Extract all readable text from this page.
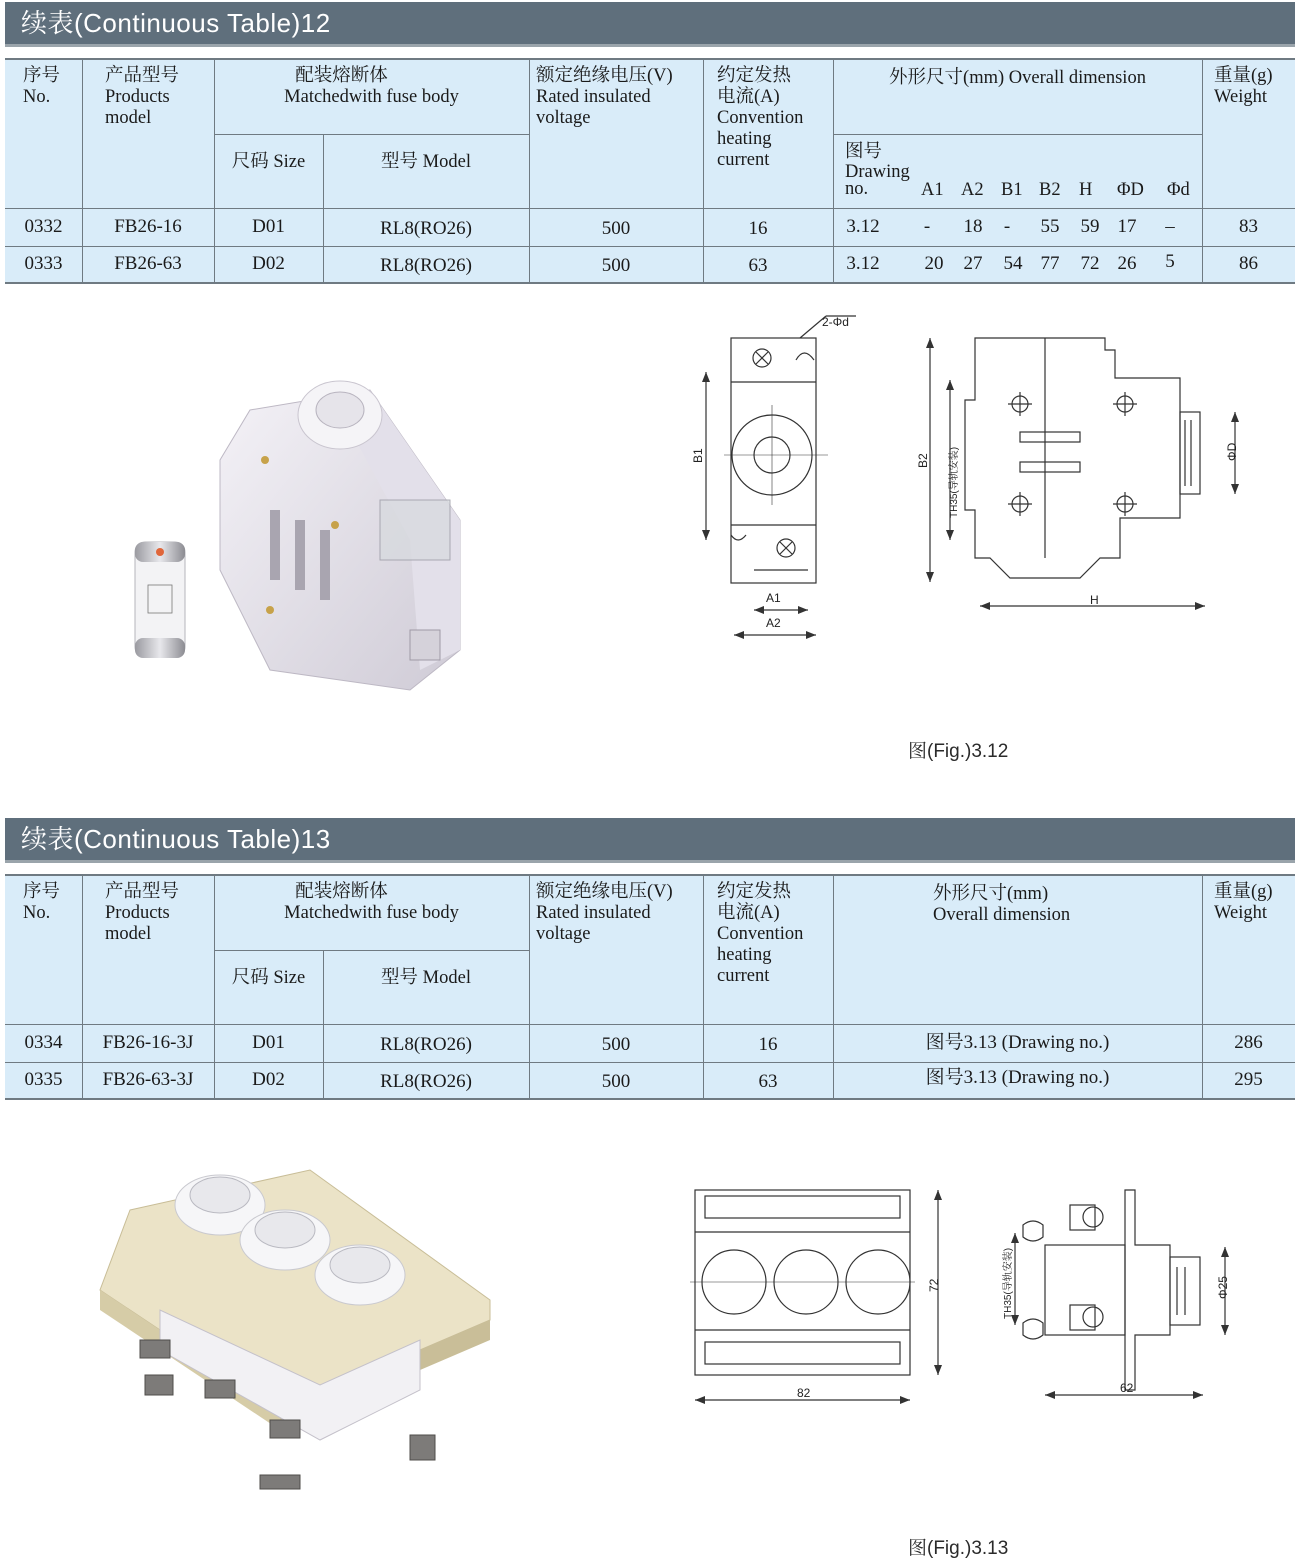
续表(Continuous Table)12
序号
No.
产品型号
Products
model
配装熔断体
Matchedwith fuse body
尺码 Size	型号 Model
额定绝缘电压(V)
Rated insulated
voltage
约定发热
电流(A)
Convention
heating
current
外形尺寸(mm) Overall dimension
图号
Drawing
no.	A1 A2 B1 B2 H ΦD Φd
重量(g)
Weight
0332	FB26-16	D01	RL8(RO26)	500	16	3.12	-	18	-	55	59 17	–	83
0333	FB26-63	D02	RL8(RO26)	500	63	3.12	20	27	54 77	72 26	5	86
B1
A1
A2
2-Φd
B2 TH35(导轨安装)
H
ΦD
图(Fig.)3.12
续表(Continuous Table)13
序号
No.
产品型号
Products
model
配装熔断体
Matchedwith fuse body
尺码 Size	型号 Model
额定绝缘电压(V)
Rated insulated
voltage
约定发热
电流(A)
Convention
heating
current
外形尺寸(mm)
Overall dimension
重量(g)
Weight
0334	FB26-16-3J	D01	RL8(RO26)	500	16	图号3.13 (Drawing no.)	286
0335	FB26-63-3J	D02	RL8(RO26)	500	63	图号3.13 (Drawing no.)	295
72
82
TH35(导轨安装)	Φ25
62
图(Fig.)3.13
